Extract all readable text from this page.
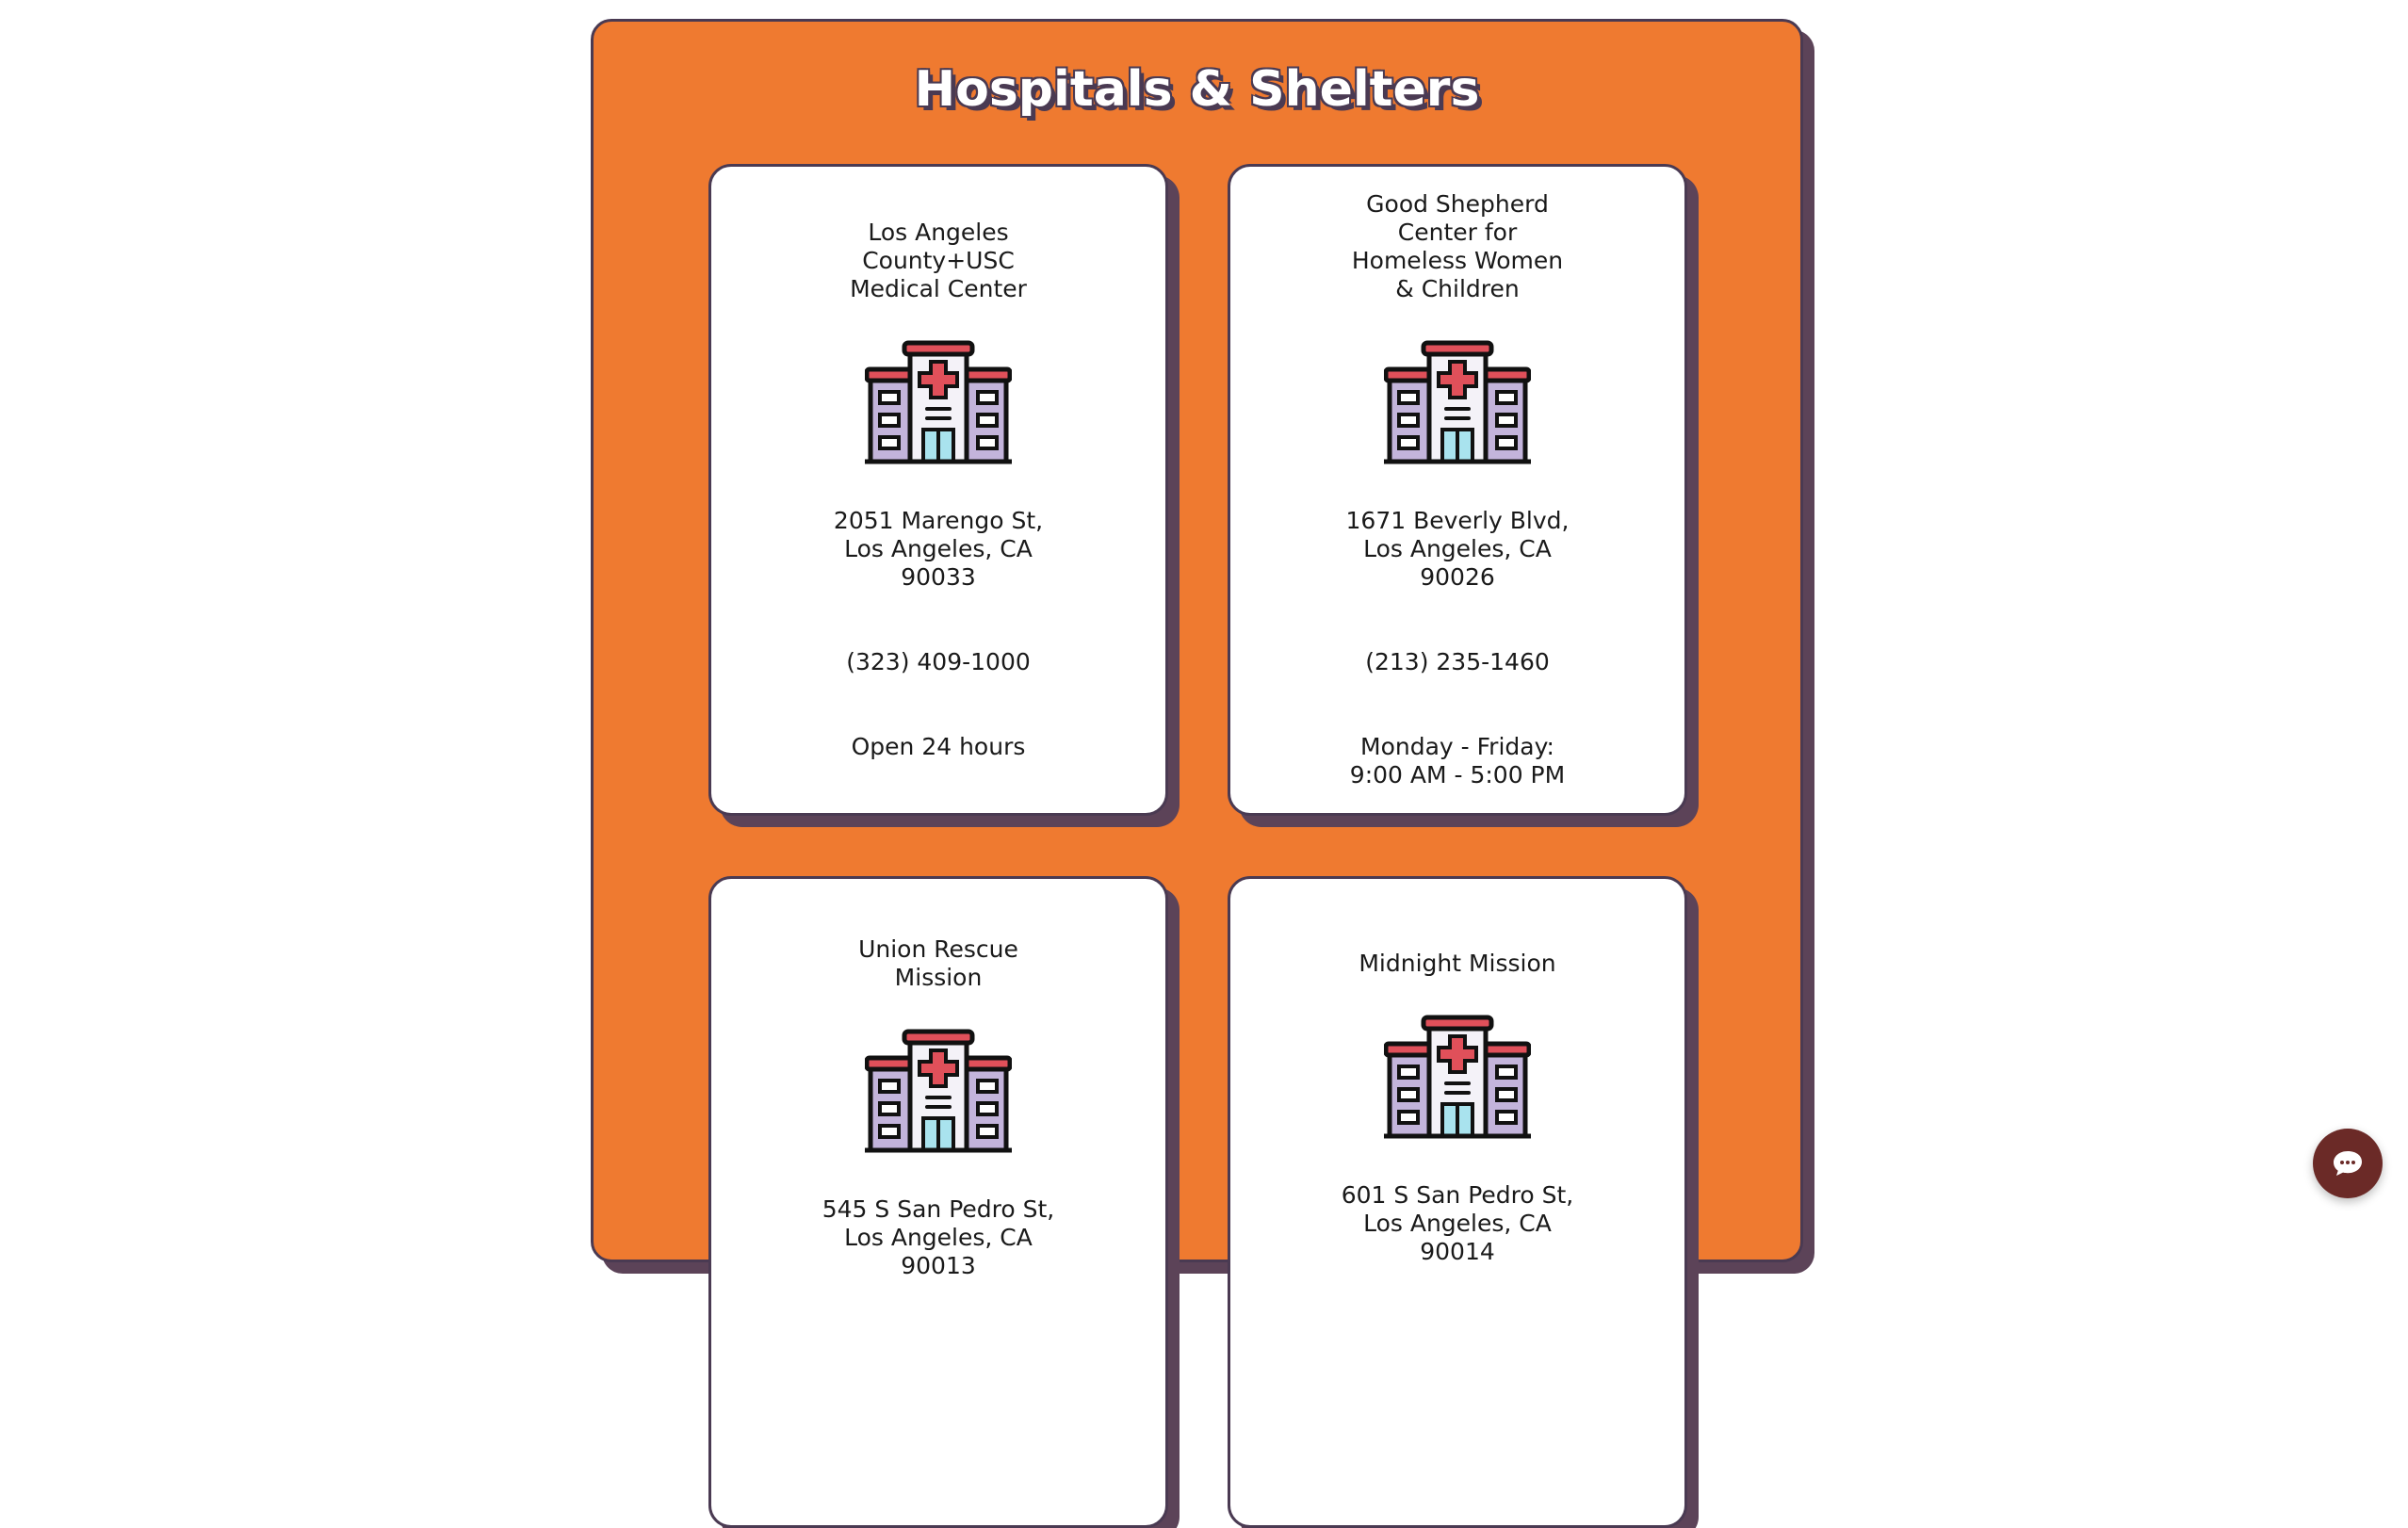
Hospitals & Shelters
Los Angeles County+USC Medical Center
2051 Marengo St, Los Angeles, CA 90033
(323) 409-1000
Open 24 hours
Good Shepherd Center for Homeless Women & Children
1671 Beverly Blvd, Los Angeles, CA 90026
(213) 235-1460
Monday - Friday: 9:00 AM - 5:00 PM
Union Rescue Mission
545 S San Pedro St, Los Angeles, CA 90013
Midnight Mission
601 S San Pedro St, Los Angeles, CA 90014
